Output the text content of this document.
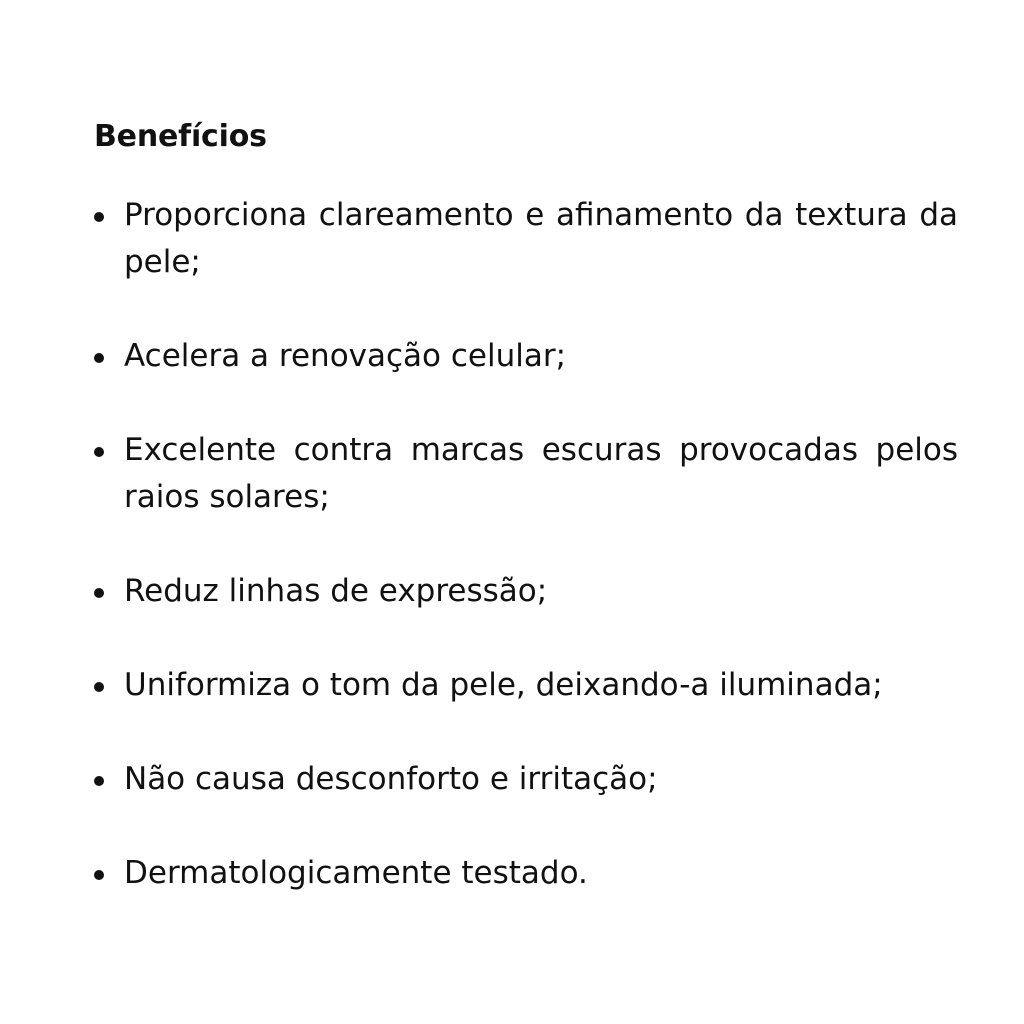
Benefícios
Proporciona clareamento e afinamento da textura da pele;
Acelera a renovação celular;
Excelente contra marcas escuras provocadas pelos raios solares;
Reduz linhas de expressão;
Uniformiza o tom da pele, deixando-a iluminada;
Não causa desconforto e irritação;
Dermatologicamente testado.
